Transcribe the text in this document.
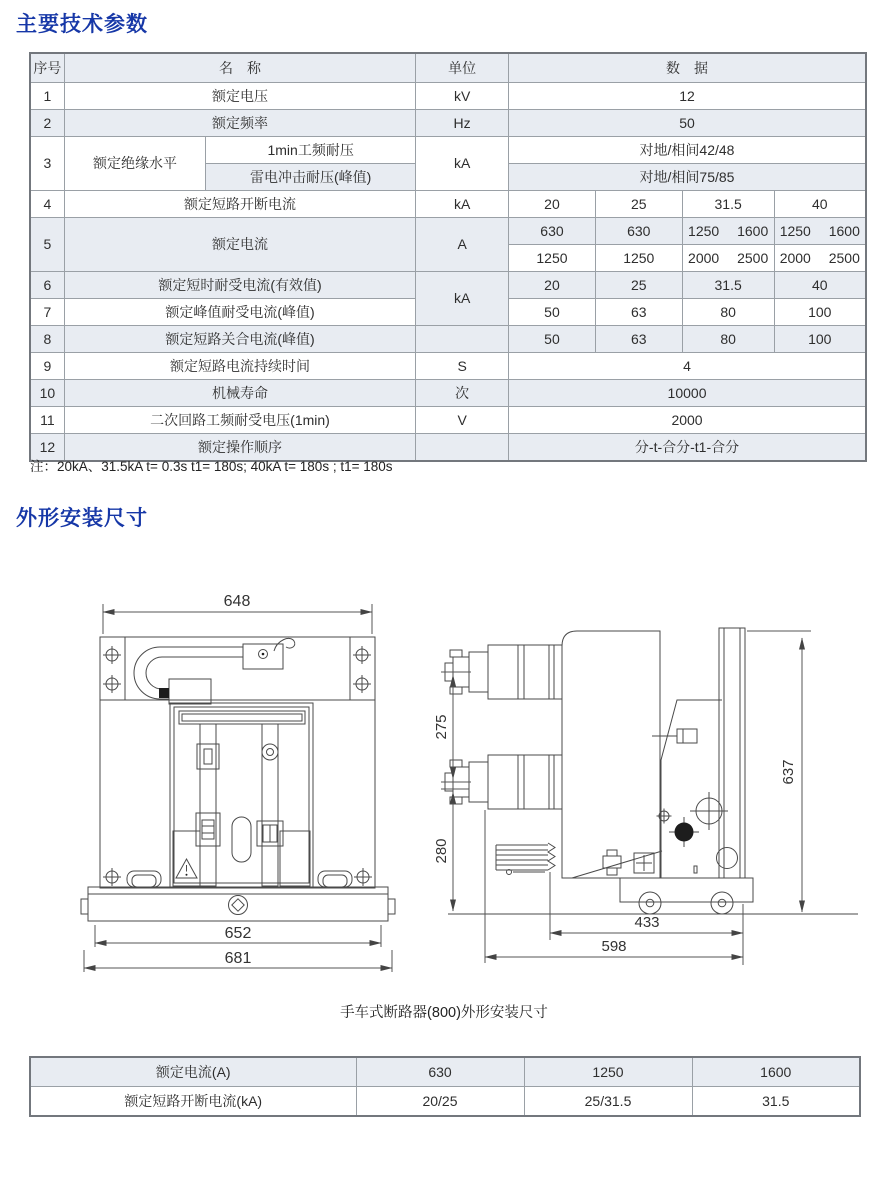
主要技术参数
序号	名　称		单位	数　据			
1	额定电压		kV	12			
2	额定频率		Hz	50			
3	额定绝缘水平	1min工频耐压	kA	对地/相间42/48			
		雷电冲击耐压(峰值)		对地/相间75/85			
4	额定短路开断电流		kA	20	25	31.5	40
5	额定电流		A	630	630	1250 1600	1250 1600
				1250	1250	2000 2500	2000 2500
6	额定短时耐受电流(有效值)		kA	20	25	31.5	40
7	额定峰值耐受电流(峰值)			50	63	80	100
8	额定短路关合电流(峰值)			50	63	80	100
9	额定短路电流持续时间		S	4			
10	机械寿命		次	10000			
11	二次回路工频耐受电压(1min)		V	2000			
12	额定操作顺序			分-t-合分-t1-合分			
注：20kA、31.5kA t= 0.3s t1= 180s; 40kA t= 180s ; t1= 180s
外形安装尺寸
648
652
681
275
280
637
433
598
手车式断路器(800)外形安装尺寸
额定电流(A)	630	1250	1600
额定短路开断电流(kA)	20/25	25/31.5	31.5
